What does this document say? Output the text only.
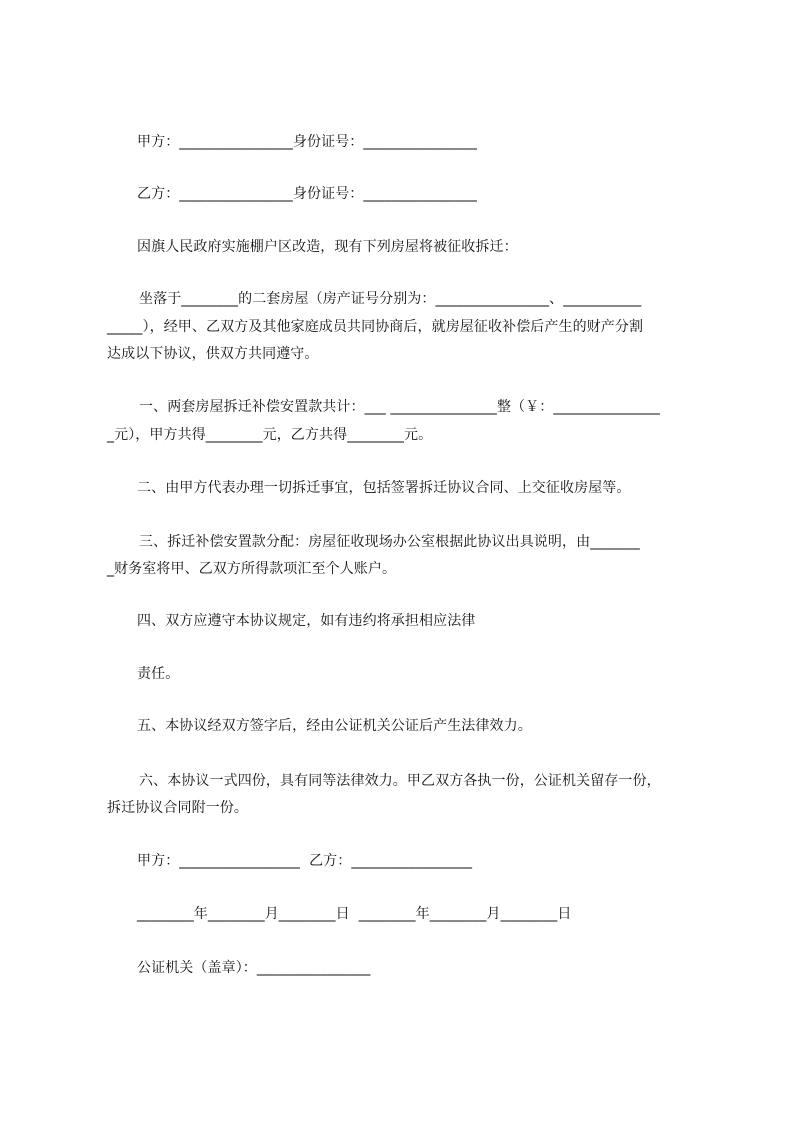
甲方：________________身份证号：________________

乙方：________________身份证号：________________

因旗人民政府实施棚户区改造，现有下列房屋将被征收拆迁：

坐落于________的二套房屋（房产证号分别为：________________、___________

_____），经甲、乙双方及其他家庭成员共同协商后，就房屋征收补偿后产生的财产分割

达成以下协议，供双方共同遵守。

一、两套房屋拆迁补偿安置款共计：___ _______________整（￥：_______________

_元），甲方共得________元，乙方共得________元。

二、由甲方代表办理一切拆迁事宜，包括签署拆迁协议合同、上交征收房屋等。

三、拆迁补偿安置款分配：房屋征收现场办公室根据此协议出具说明，由_______

_财务室将甲、乙双方所得款项汇至个人账户。

四、双方应遵守本协议规定，如有违约将承担相应法律

责任。

五、本协议经双方签字后，经由公证机关公证后产生法律效力。

六、本协议一式四份，具有同等法律效力。甲乙双方各执一份，公证机关留存一份，

拆迁协议合同附一份。

甲方：_________________  乙方：_________________

________年________月________日  ________年________月________日

公证机关（盖章）：________________
